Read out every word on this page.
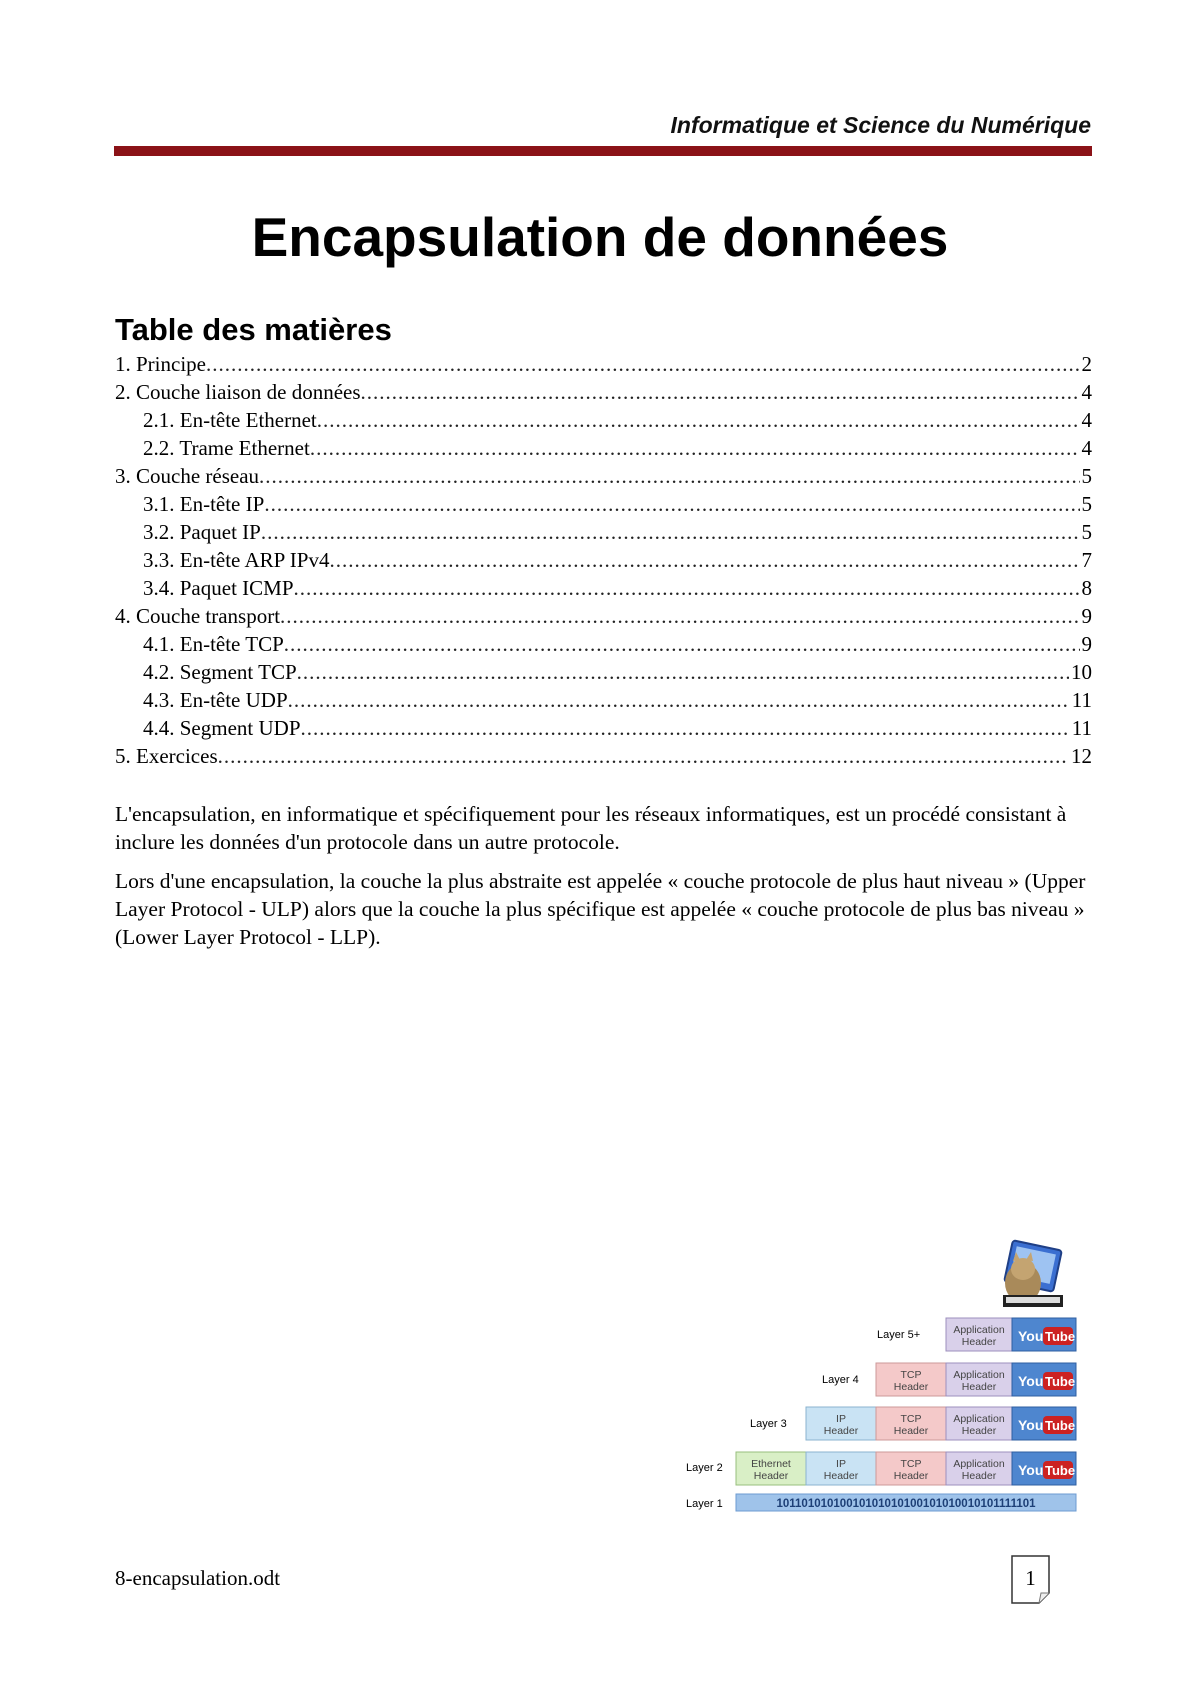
Informatique et Science du Numérique
Encapsulation de données
Table des matières
1. Principe .....	2
2. Couche liaison de données .....	4
2.1. En-tête Ethernet .....	4
2.2. Trame Ethernet .....	4
3. Couche réseau .....	5
3.1. En-tête IP .....	5
3.2. Paquet IP .....	5
3.3. En-tête ARP IPv4 .....	7
3.4. Paquet ICMP .....	8
4. Couche transport .....	9
4.1. En-tête TCP .....	9
4.2. Segment TCP .....	10
4.3. En-tête UDP .....	11
4.4. Segment UDP .....	11
5. Exercices .....	12
L'encapsulation, en informatique et spécifiquement pour les réseaux informatiques, est un procédé consistant à inclure les données d'un protocole dans un autre protocole.
Lors d'une encapsulation, la couche la plus abstraite est appelée « couche protocole de plus haut niveau » (Upper Layer Protocol - ULP) alors que la couche la plus spécifique est appelée « couche protocole de plus bas niveau » (Lower Layer Protocol - LLP).
Layer 5+	Application
Header You Tube
Layer 4	TCP
Header
Application
Header You Tube
Layer 3	IP
Header
TCP
Header
Application
Header You Tube
Layer 2	Ethernet
Header
IP
Header
TCP
Header
Application
Header You Tube
Layer 1	10110101010010101010100101010010101111101
8-encapsulation.odt	1
